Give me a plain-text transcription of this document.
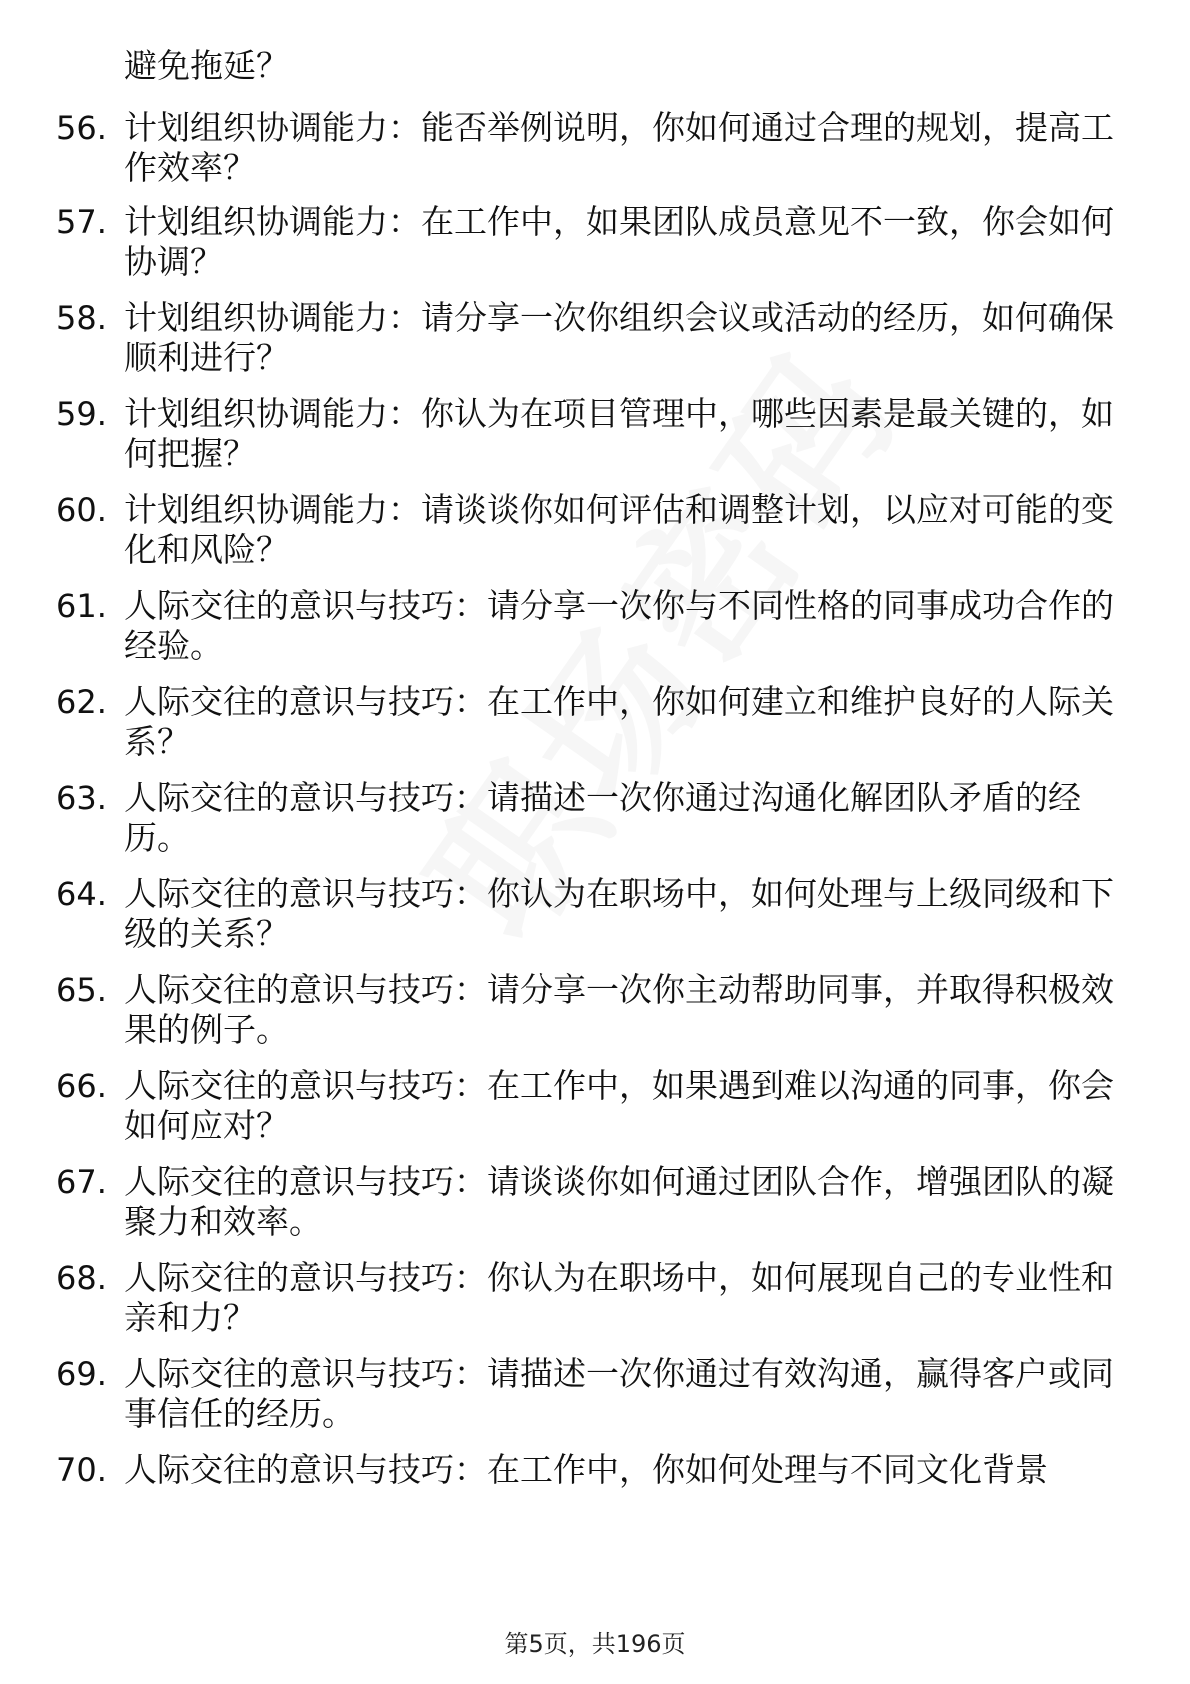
避免拖延？
56. 计划组织协调能力：能否举例说明，你如何通过合理的规划，提高工作效率？
57. 计划组织协调能力：在工作中，如果团队成员意见不一致，你会如何协调？
58. 计划组织协调能力：请分享一次你组织会议或活动的经历，如何确保顺利进行？
59. 计划组织协调能力：你认为在项目管理中，哪些因素是最关键的，如何把握？
60. 计划组织协调能力：请谈谈你如何评估和调整计划，以应对可能的变化和风险？
61. 人际交往的意识与技巧：请分享一次你与不同性格的同事成功合作的经验。
62. 人际交往的意识与技巧：在工作中，你如何建立和维护良好的人际关系？
63. 人际交往的意识与技巧：请描述一次你通过沟通化解团队矛盾的经历。
64. 人际交往的意识与技巧：你认为在职场中，如何处理与上级同级和下级的关系？
65. 人际交往的意识与技巧：请分享一次你主动帮助同事，并取得积极效果的例子。
66. 人际交往的意识与技巧：在工作中，如果遇到难以沟通的同事，你会如何应对？
67. 人际交往的意识与技巧：请谈谈你如何通过团队合作，增强团队的凝聚力和效率。
68. 人际交往的意识与技巧：你认为在职场中，如何展现自己的专业性和亲和力？
69. 人际交往的意识与技巧：请描述一次你通过有效沟通，赢得客户或同事信任的经历。
70. 人际交往的意识与技巧：在工作中，你如何处理与不同文化背景
第5页，共196页
